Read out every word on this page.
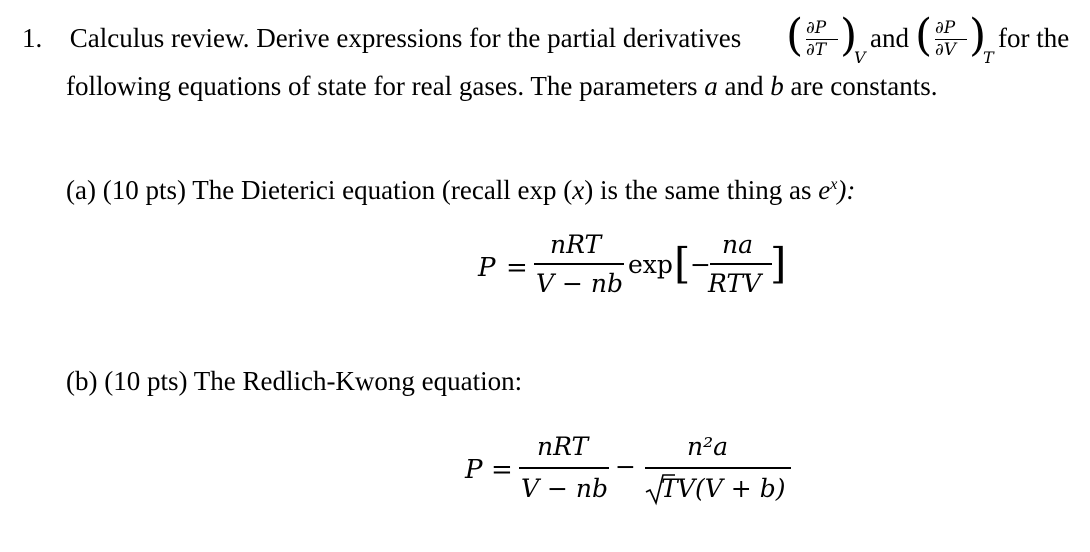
1. Calculus review. Derive expressions for the partial derivatives ( ∂P
∂T )
V
and ( ∂P
∂V )
T
for the
following equations of state for real gases. The parameters a and b are constants.
(a) (10 pts) The Dieterici equation (recall exp (x) is the same thing as $e^x$):
P =
nRT
V − nb
exp [ −
na
RTV ]
(b) (10 pts) The Redlich-Kwong equation:
P =
nRT
V − nb
−
n²a
T V(V + b)
